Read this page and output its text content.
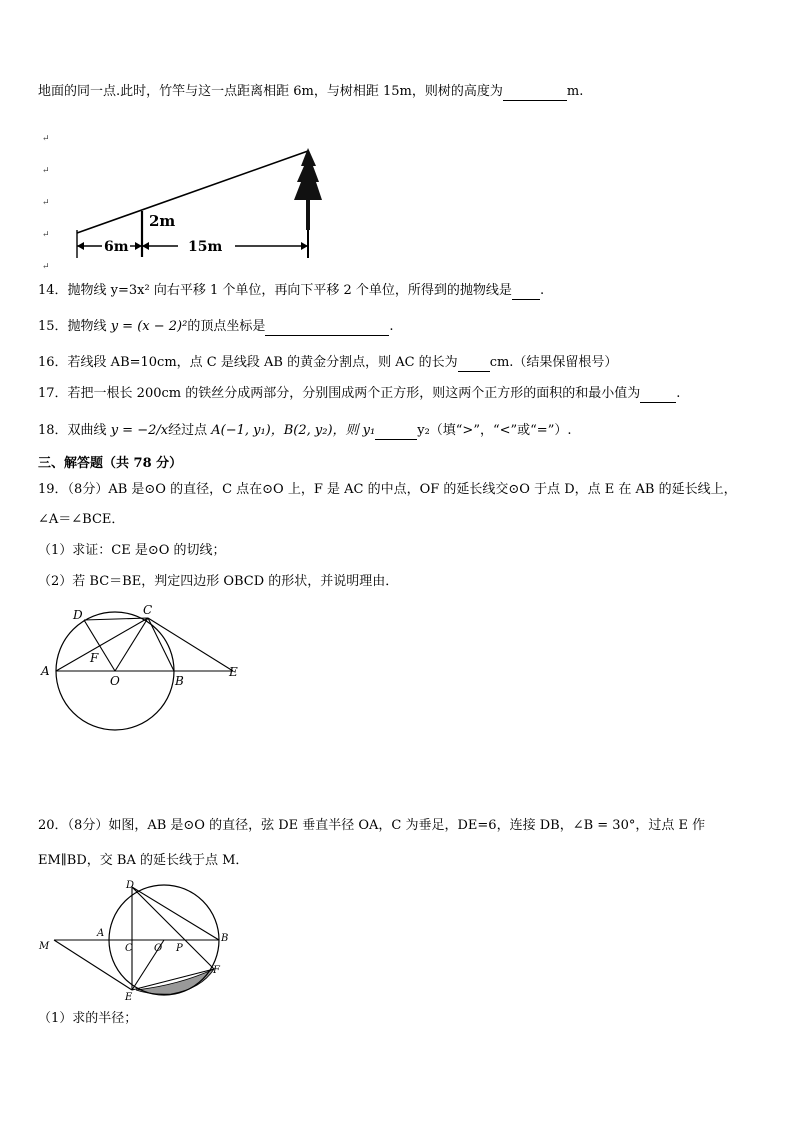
地面的同一点.此时，竹竿与这一点距离相距 6m，与树相距 15m，则树的高度为	m.
↵
↵
↵
↵
↵
2m
6m	15m
14．抛物线 y=3x² 向右平移 1 个单位，再向下平移 2 个单位，所得到的抛物线是 .
15．抛物线 y = (x − 2)²的顶点坐标是	.
16．若线段 AB=10cm，点 C 是线段 AB 的黄金分割点，则 AC 的长为 cm.（结果保留根号）
17．若把一根长 200cm 的铁丝分成两部分，分别围成两个正方形，则这两个正方形的面积的和最小值为	.
18．双曲线 y = −2/x经过点 A(−1, y₁)，B(2, y₂)，则 y₁	y₂（填“>”，“<”或“=”）.
三、解答题（共 78 分）
19．（8分）AB 是⊙O 的直径，C 点在⊙O 上，F 是 AC 的中点，OF 的延长线交⊙O 于点 D，点 E 在 AB 的延长线上，
∠A＝∠BCE．
（1）求证：CE 是⊙O 的切线；
（2）若 BC＝BE，判定四边形 OBCD 的形状，并说明理由．
D	C
F
A
O	B
E
20．（8分）如图，AB 是⊙O 的直径，弦 DE 垂直半径 OA，C 为垂足，DE=6，连接 DB，∠B = 30°，过点 E 作
EM∥BD，交 BA 的延长线于点 M．
D
A
M	C O P
B
F
E
（1）求的半径；
